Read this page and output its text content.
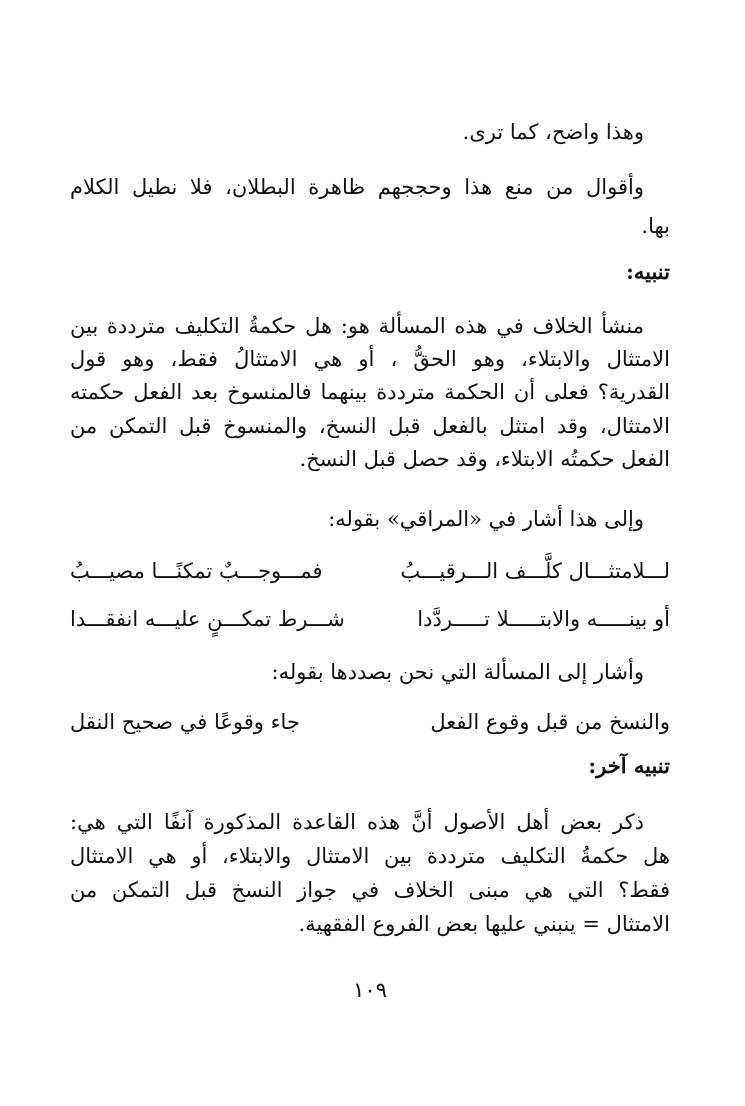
وهذا واضح، كما ترى.
وأقوال من منع هذا وحججهم ظاهرة البطلان، فلا نطيل الكلام
بها.
تنبيه:
منشأ الخلاف في هذه المسألة هو: هل حكمةُ التكليف مترددة بين
الامتثال والابتلاء، وهو الحقُّ ، أو هي الامتثالُ فقط، وهو قول
القدرية؟ فعلى أن الحكمة مترددة بينهما فالمنسوخ بعد الفعل حكمته
الامتثال، وقد امتثل بالفعل قبل النسخ، والمنسوخ قبل التمكن من
الفعل حكمتُه الابتلاء، وقد حصل قبل النسخ.
وإلى هذا أشار في «المراقي» بقوله:
لـــلامتثـــال كلَّـــف الـــرقيـــبُ
فمـــوجـــبٌ تمكنًـــا مصيـــبُ
أو بينـــــه والابتـــــلا تـــــردَّدا
شـــرط تمكـــنٍ عليـــه انفقـــدا
وأشار إلى المسألة التي نحن بصددها بقوله:
والنسخ من قبل وقوع الفعل
جاء وقوعًا في صحيح النقل
تنبيه آخر:
ذكر بعض أهل الأصول أنَّ هذه القاعدة المذكورة آنفًا التي هي:
هل حكمةُ التكليف مترددة بين الامتثال والابتلاء، أو هي الامتثال
فقط؟ التي هي مبنى الخلاف في جواز النسخ قبل التمكن من
الامتثال = ينبني عليها بعض الفروع الفقهية.
١٠٩
